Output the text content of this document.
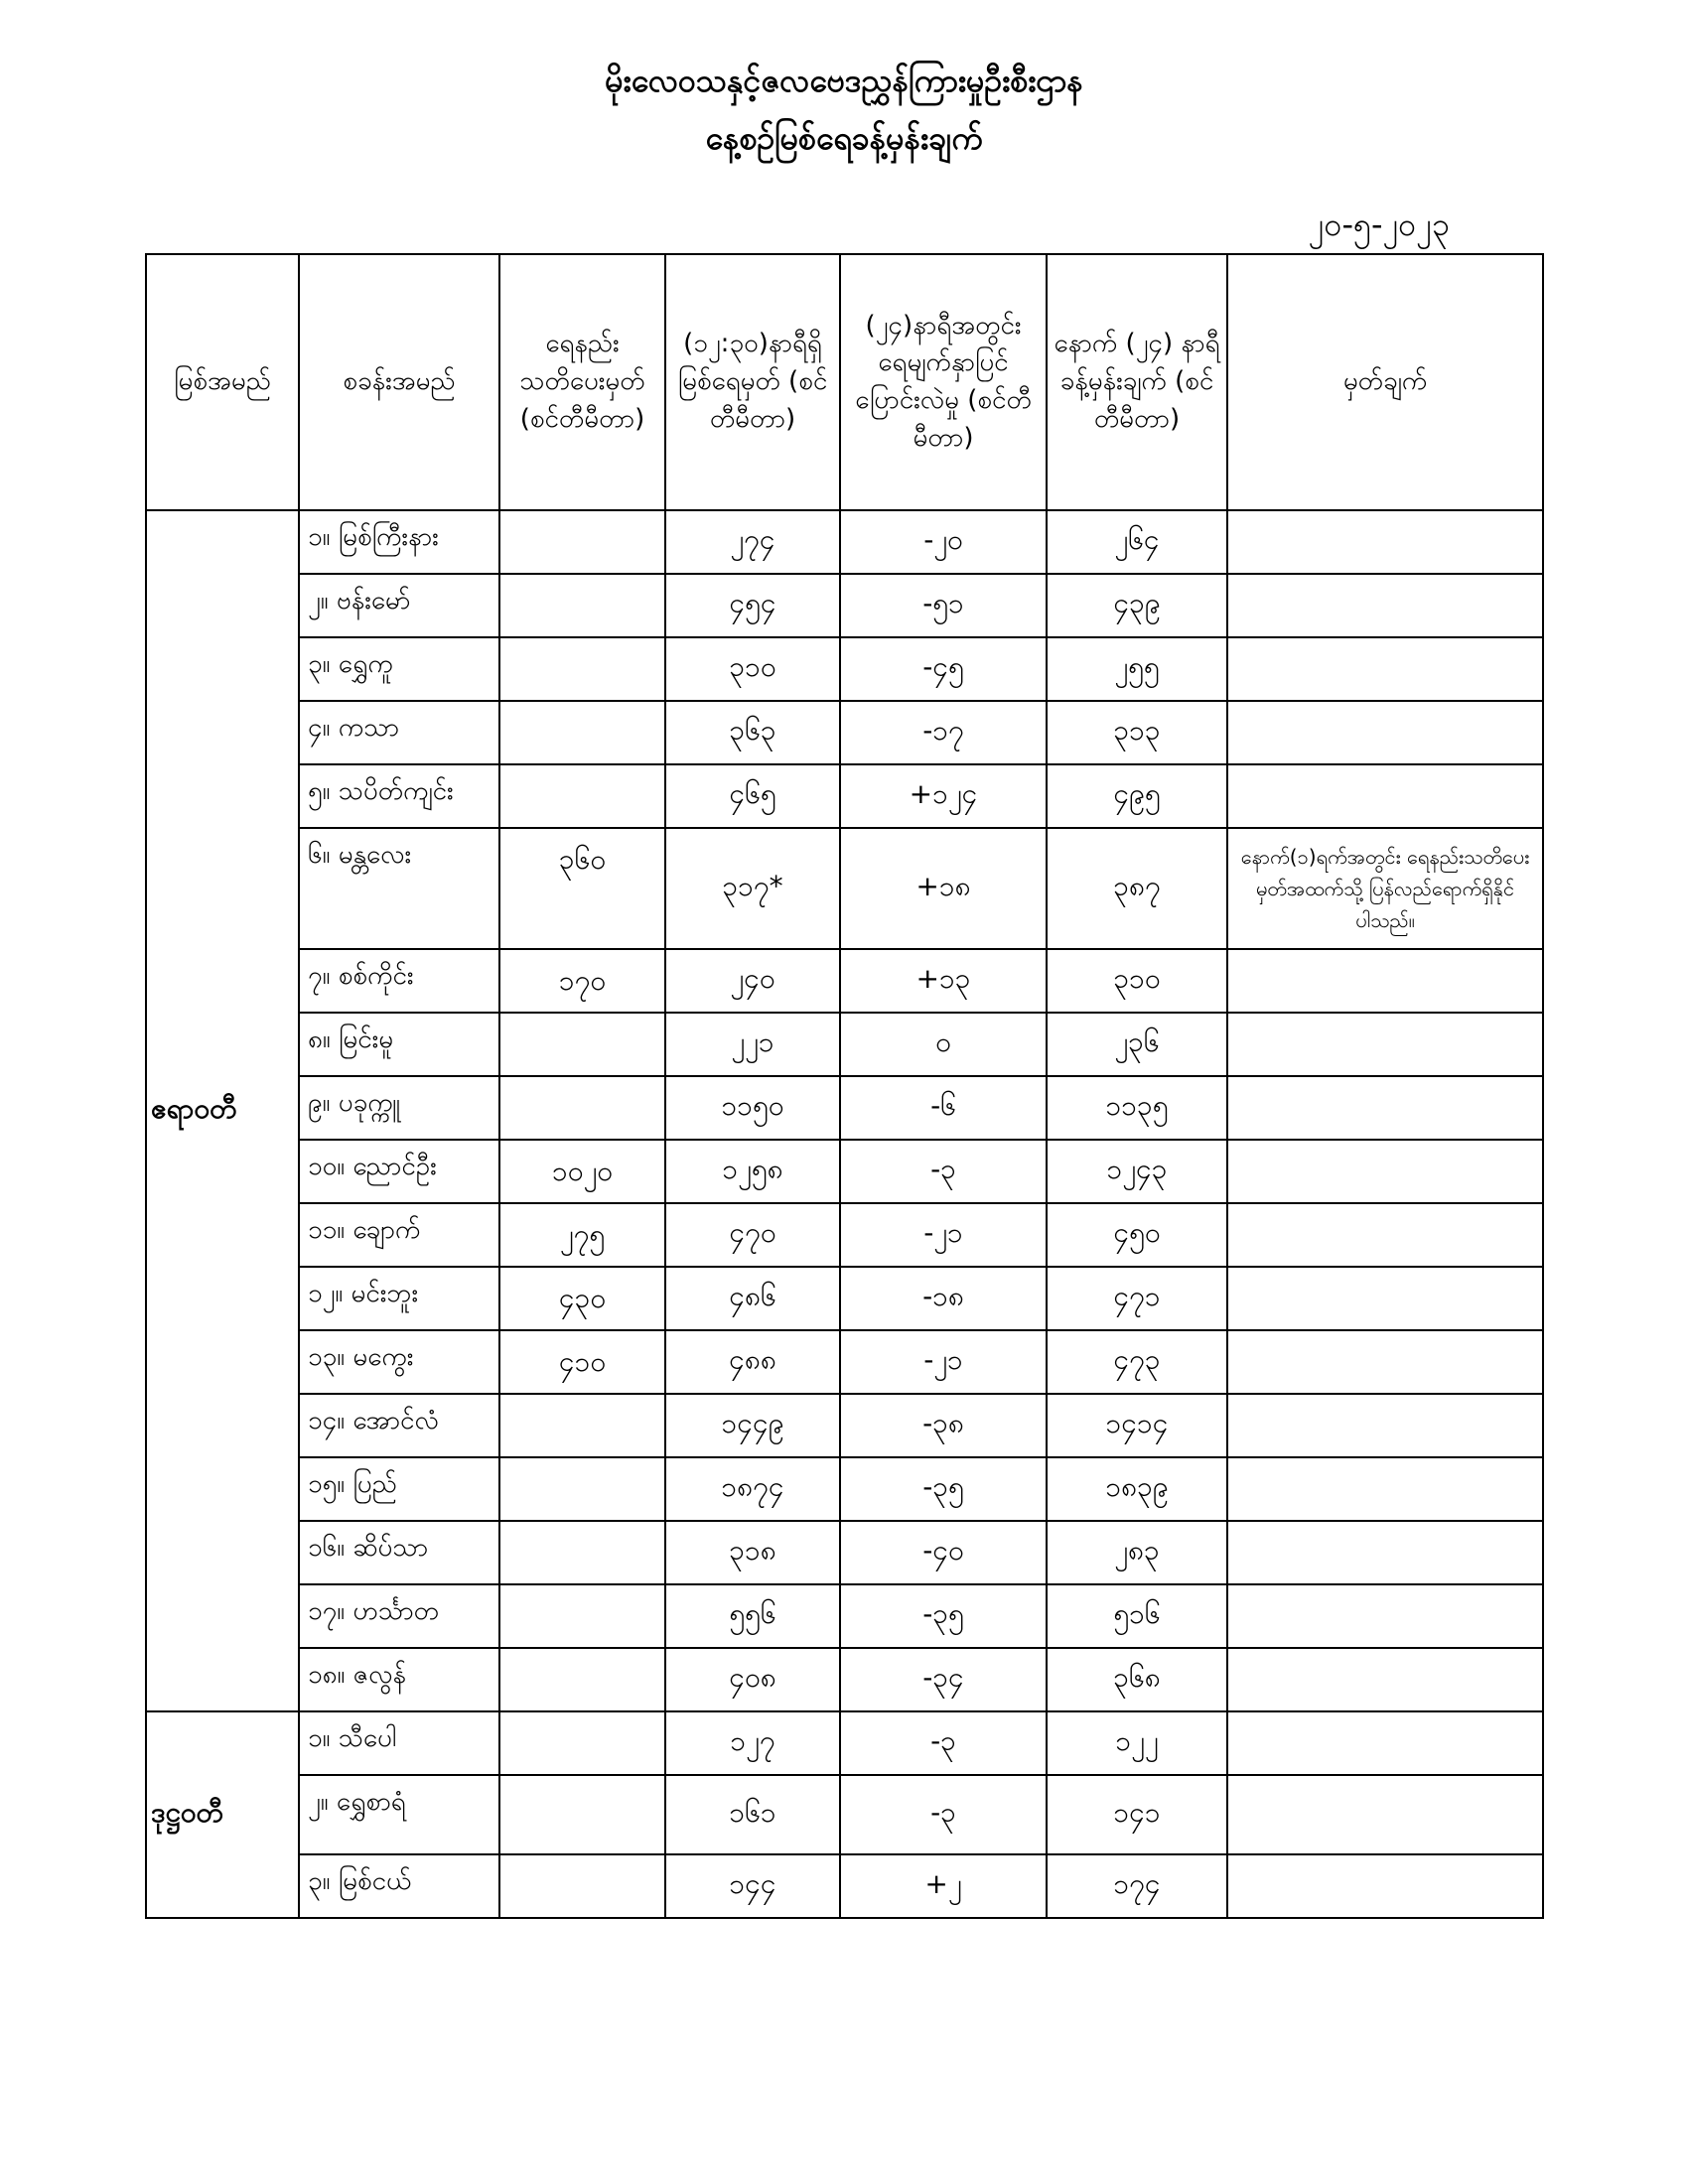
မိုးလေဝသနှင့်ဇလဗေဒညွှန်ကြားမှုဦးစီးဌာန
နေ့စဉ်မြစ်ရေခန့်မှန်းချက်
၂၀-၅-၂၀၂၃
မြစ်အမည်	စခန်းအမည်	ရေနည်းသတိပေးမှတ် (စင်တီမီတာ)	(၁၂:၃၀)နာရီရှိ မြစ်ရေမှတ် (စင်တီမီတာ)	(၂၄)နာရီအတွင်း ရေမျက်နှာပြင် ပြောင်းလဲမှု (စင်တီမီတာ)	နောက် (၂၄) နာရီ ခန့်မှန်းချက် (စင်တီမီတာ)	မှတ်ချက်
ဧရာဝတီ	၁။ မြစ်ကြီးနား		၂၇၄	-၂၀	၂၆၄	
	၂။ ဗန်းမော်		၄၅၄	-၅၁	၄၃၉	
	၃။ ရွှေကူ		၃၁၀	-၄၅	၂၅၅	
	၄။ ကသာ		၃၆၃	-၁၇	၃၁၃	
	၅။ သပိတ်ကျင်း		၄၆၅	+၁၂၄	၄၉၅	
	၆။ မန္တလေး	၃၆၀	၃၁၇*	+၁၈	၃၈၇	နောက်(၁)ရက်အတွင်း ရေနည်းသတိပေးမှတ်အထက်သို့ ပြန်လည်ရောက်ရှိနိုင်ပါသည်။
	၇။ စစ်ကိုင်း	၁၇၀	၂၄၀	+၁၃	၃၁၀	
	၈။ မြင်းမူ		၂၂၁	၀	၂၃၆	
	၉။ ပခုက္ကူ		၁၁၅၀	-၆	၁၁၃၅	
	၁၀။ ညောင်ဦး	၁၀၂၀	၁၂၅၈	-၃	၁၂၄၃	
	၁၁။ ချောက်	၂၇၅	၄၇၀	-၂၁	၄၅၀	
	၁၂။ မင်းဘူး	၄၃၀	၄၈၆	-၁၈	၄၇၁	
	၁၃။ မကွေး	၄၁၀	၄၈၈	-၂၁	၄၇၃	
	၁၄။ အောင်လံ		၁၄၄၉	-၃၈	၁၄၁၄	
	၁၅။ ပြည်		၁၈၇၄	-၃၅	၁၈၃၉	
	၁၆။ ဆိပ်သာ		၃၁၈	-၄၀	၂၈၃	
	၁၇။ ဟင်္သာတ		၅၅၆	-၃၅	၅၁၆	
	၁၈။ ဇလွန်		၄၀၈	-၃၄	၃၆၈	
ဒုဋ္ဌဝတီ	၁။ သီပေါ		၁၂၇	-၃	၁၂၂	
	၂။ ရွှေစာရံ		၁၆၁	-၃	၁၄၁	
	၃။ မြစ်ငယ်		၁၄၄	+၂	၁၇၄	
